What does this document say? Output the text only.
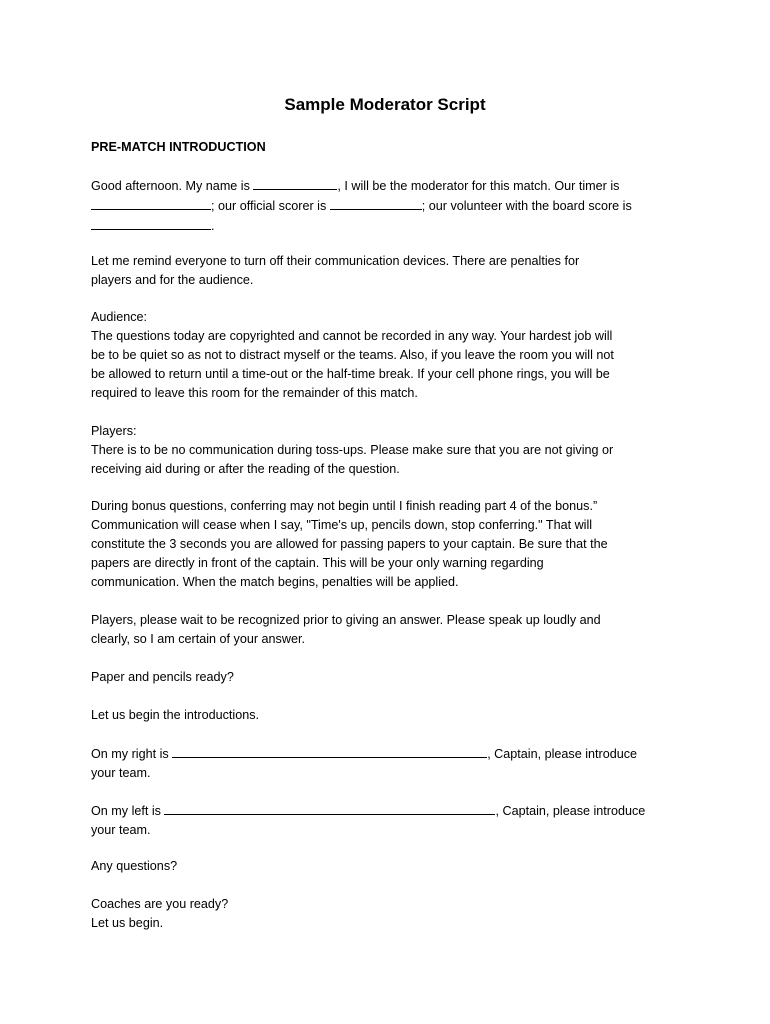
Sample Moderator Script

PRE-MATCH INTRODUCTION

Good afternoon. My name is	, I will be the moderator for this match. Our timer is
; our official scorer is	; our volunteer with the board score is
.
Let me remind everyone to turn off their communication devices. There are penalties for
players and for the audience.
Audience:
The questions today are copyrighted and cannot be recorded in any way. Your hardest job will
be to be quiet so as not to distract myself or the teams. Also, if you leave the room you will not
be allowed to return until a time-out or the half-time break. If your cell phone rings, you will be
required to leave this room for the remainder of this match.
Players:
There is to be no communication during toss-ups. Please make sure that you are not giving or
receiving aid during or after the reading of the question.
During bonus questions, conferring may not begin until I finish reading part 4 of the bonus.”
Communication will cease when I say, "Time's up, pencils down, stop conferring." That will
constitute the 3 seconds you are allowed for passing papers to your captain. Be sure that the
papers are directly in front of the captain. This will be your only warning regarding
communication. When the match begins, penalties will be applied.
Players, please wait to be recognized prior to giving an answer. Please speak up loudly and
clearly, so I am certain of your answer.
Paper and pencils ready?
Let us begin the introductions.
On my right is	, Captain, please introduce
your team.
On my left is	, Captain, please introduce
your team.
Any questions?
Coaches are you ready?
Let us begin.
